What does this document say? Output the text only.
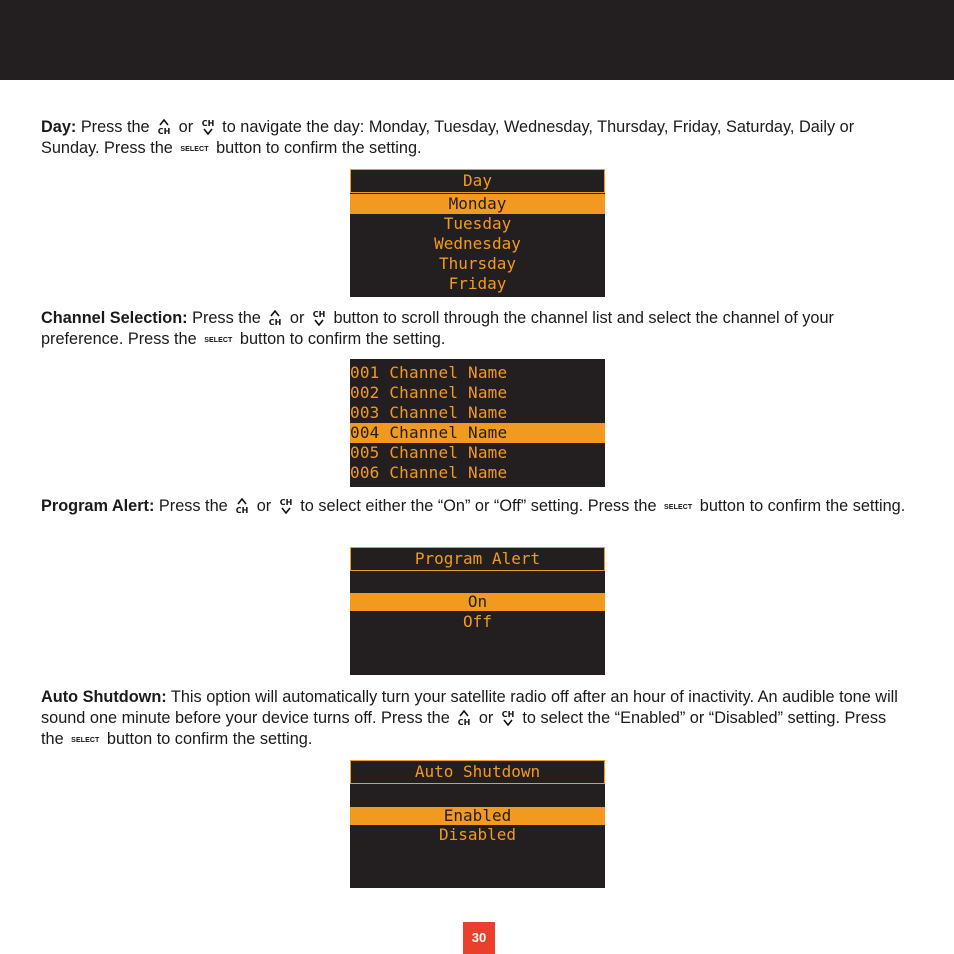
Day: Press the CH or CH to navigate the day: Monday, Tuesday, Wednesday, Thursday, Friday, Saturday, Daily or Sunday. Press the SELECT button to confirm the setting.
Day
Monday
Tuesday
Wednesday
Thursday
Friday
Channel Selection: Press the CH or CH button to scroll through the channel list and select the channel of your preference. Press the SELECT button to confirm the setting.
001 Channel Name
002 Channel Name
003 Channel Name
004 Channel Name
005 Channel Name
006 Channel Name
Program Alert: Press the CH or CH to select either the “On” or “Off” setting. Press the SELECT button to confirm the setting.
Program Alert
On
Off
Auto Shutdown: This option will automatically turn your satellite radio off after an hour of inactivity. An audible tone will sound one minute before your device turns off. Press the CH or CH to select the “Enabled” or “Disabled” setting. Press the SELECT button to confirm the setting.
Auto Shutdown
Enabled
Disabled
30
